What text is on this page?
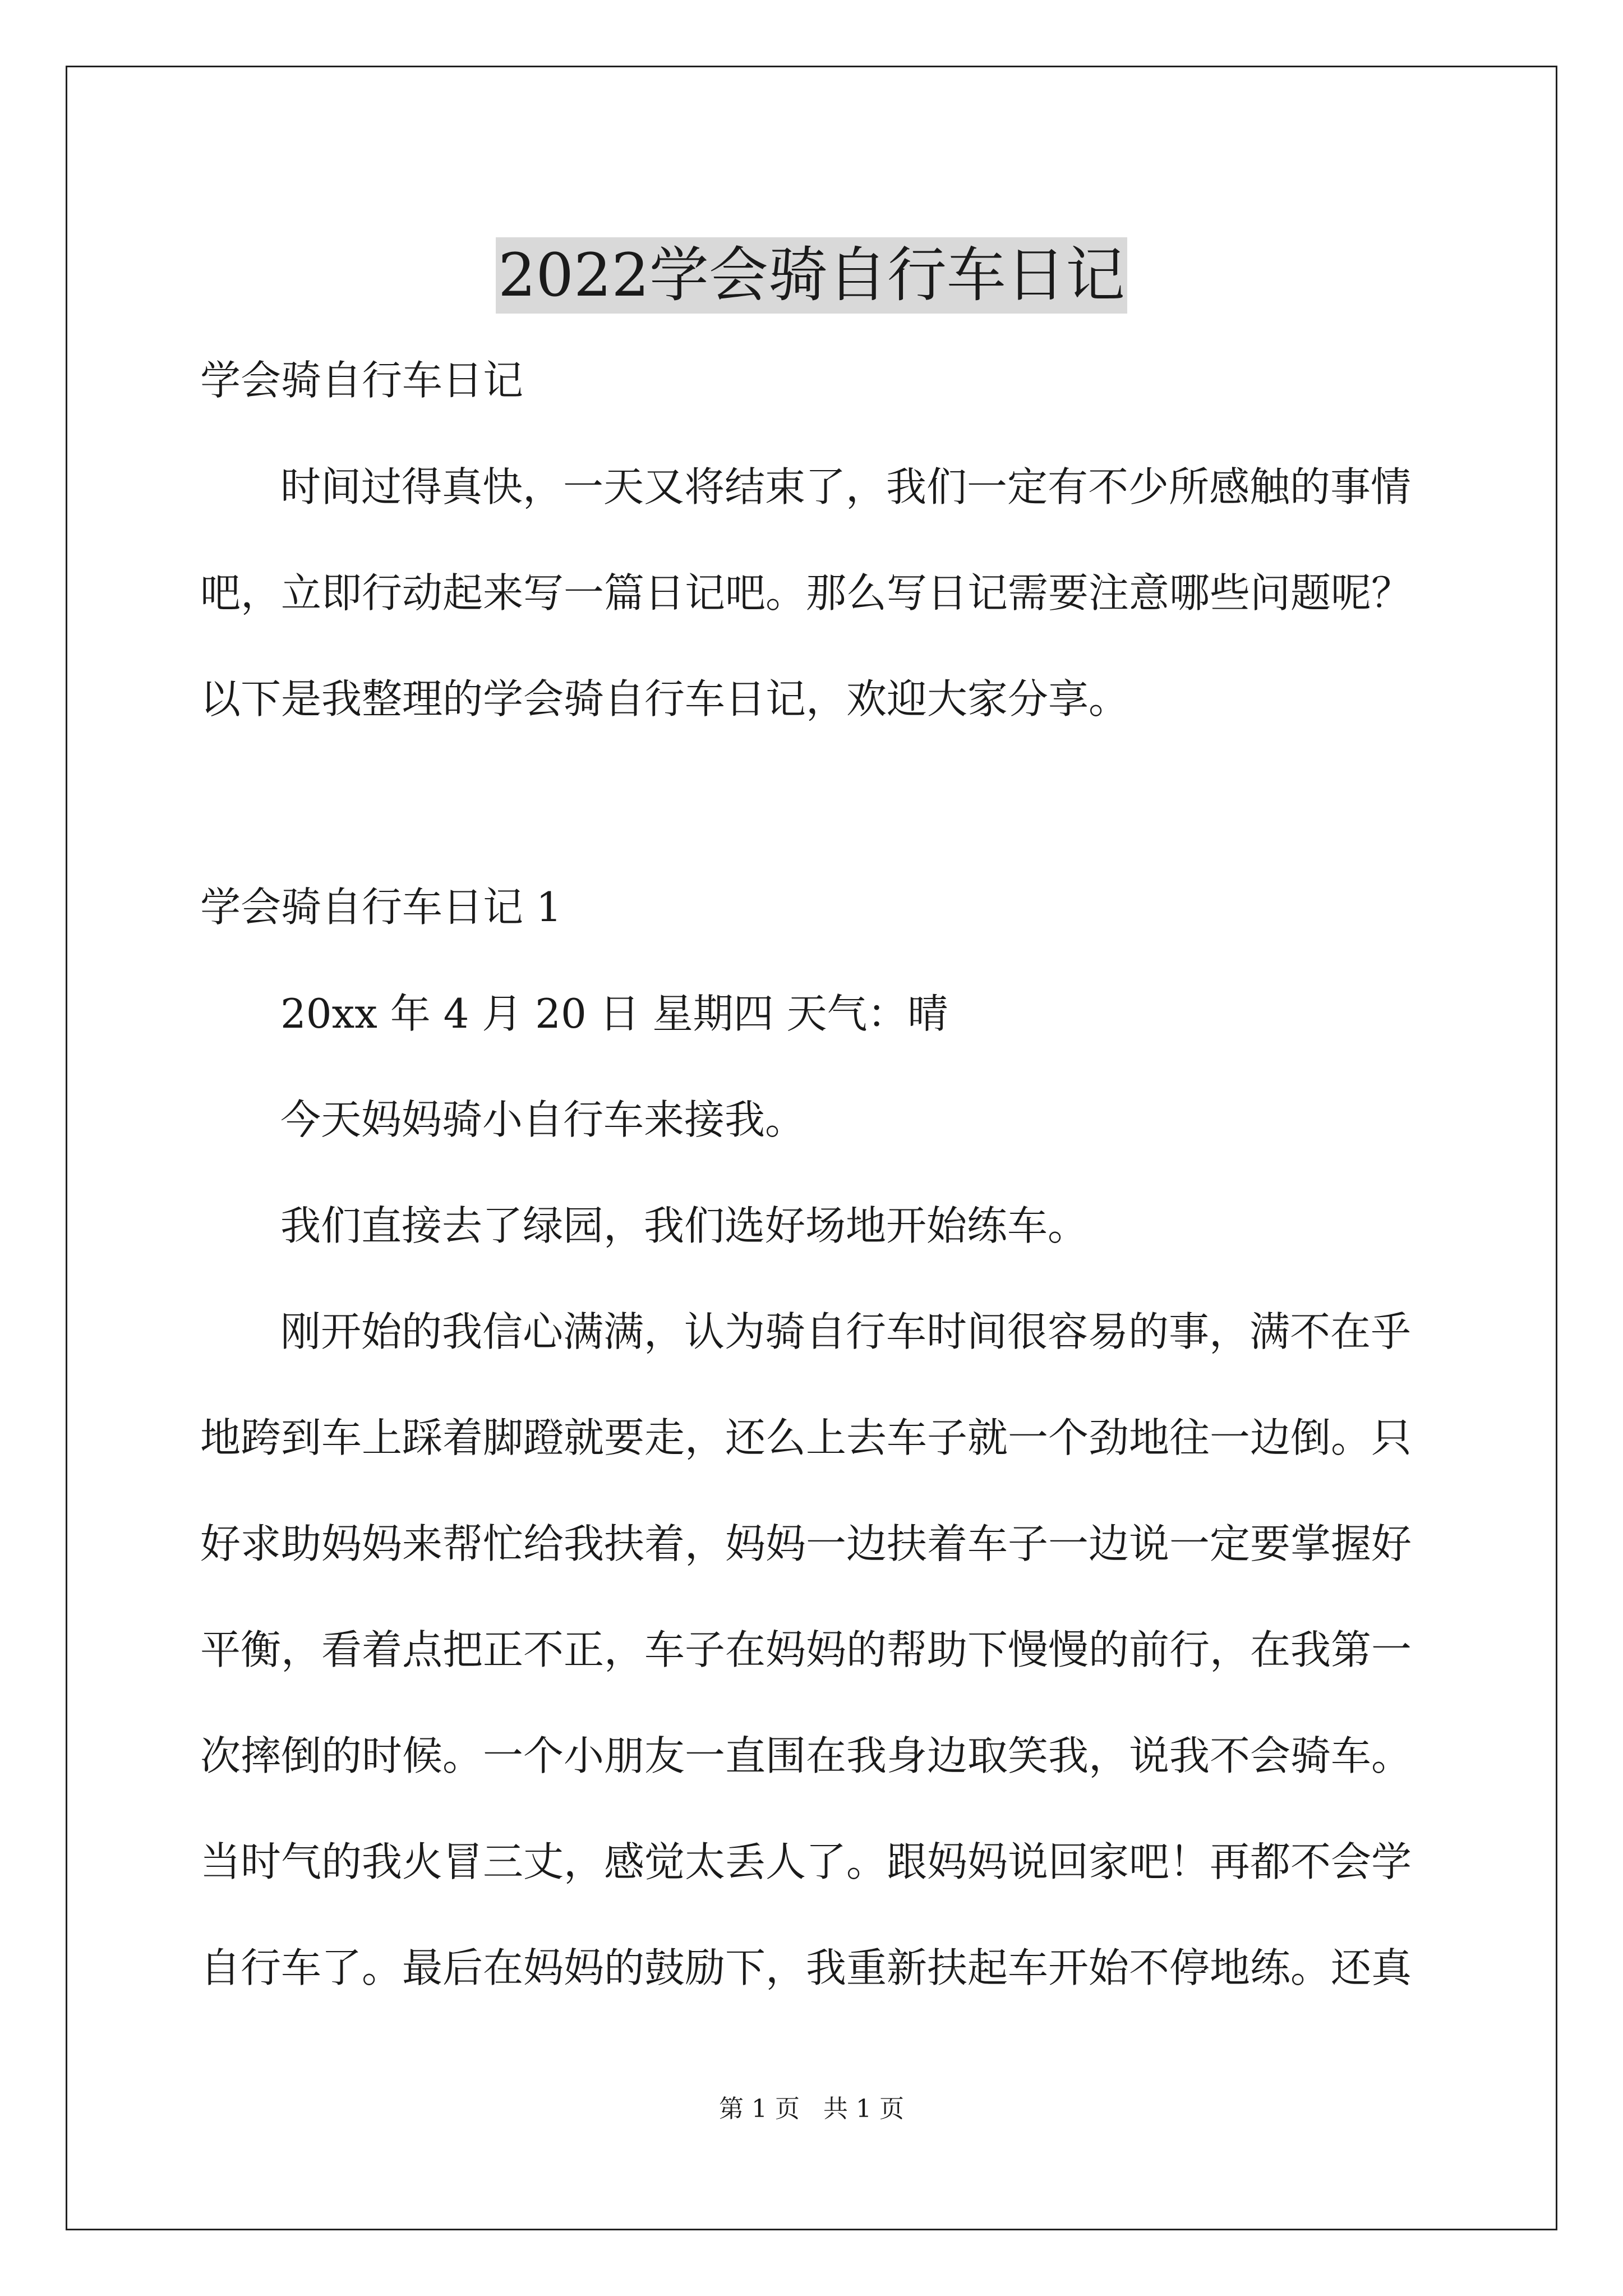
2022学会骑自行车日记
学会骑自行车日记
时间过得真快，一天又将结束了，我们一定有不少所感触的事情
吧，立即行动起来写一篇日记吧。那么写日记需要注意哪些问题呢？
以下是我整理的学会骑自行车日记，欢迎大家分享。
学会骑自行车日记 1
20xx 年 4 月 20 日 星期四 天气：晴
今天妈妈骑小自行车来接我。
我们直接去了绿园，我们选好场地开始练车。
刚开始的我信心满满，认为骑自行车时间很容易的事，满不在乎
地跨到车上踩着脚蹬就要走，还么上去车子就一个劲地往一边倒。只
好求助妈妈来帮忙给我扶着，妈妈一边扶着车子一边说一定要掌握好
平衡，看着点把正不正，车子在妈妈的帮助下慢慢的前行，在我第一
次摔倒的时候。一个小朋友一直围在我身边取笑我，说我不会骑车。
当时气的我火冒三丈，感觉太丢人了。跟妈妈说回家吧！再都不会学
自行车了。最后在妈妈的鼓励下，我重新扶起车开始不停地练。还真
第 1 页   共 1 页
